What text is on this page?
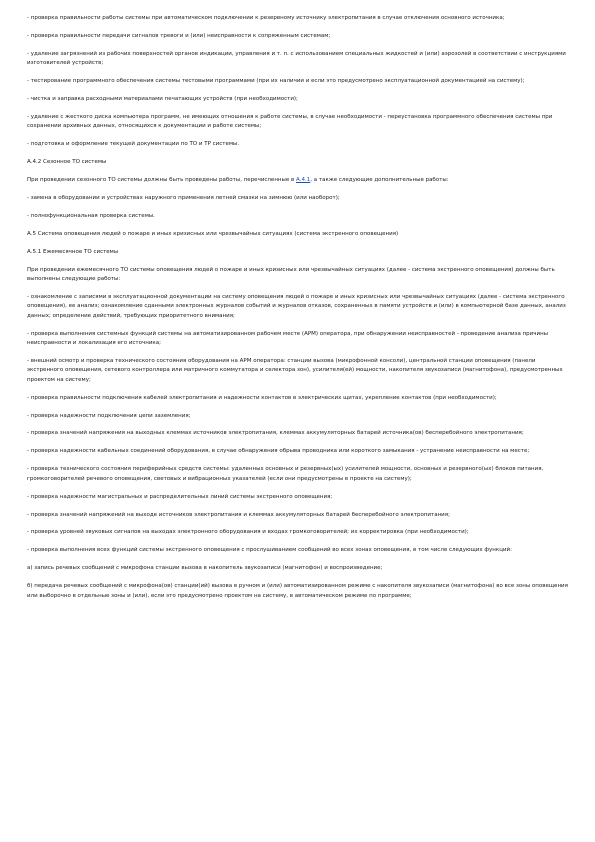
- проверка правильности работы системы при автоматическом подключении к резервному источнику электропитания в случае отключения основного источника;

- проверка правильности передачи сигналов тревоги и (или) неисправности к сопряженным системам;

- удаление загрязнений из рабочих поверхностей органов индикации, управления и т. п. с использованием специальных жидкостей и (или) аэрозолей в соответствии с инструкциями изготовителей устройств;

- тестирование программного обеспечения системы тестовыми программами (при их наличии и если это предусмотрено эксплуатационной документацией на систему);

- чистка и заправка расходными материалами печатающих устройств (при необходимости);

- удаление с жесткого диска компьютера программ, не имеющих отношения к работе системы, в случае необходимости - переустановка программного обеспечения системы при сохранении архивных данных, относящихся к документации и работе системы;

- подготовка и оформление текущей документации по ТО и ТР системы.

А.4.2 Сезонное ТО системы

При проведении сезонного ТО системы должны быть проведены работы, перечисленные в А.4.1, а также следующие дополнительные работы:

- замена в оборудовании и устройствах наружного применения летней смазки на зимнюю (или наоборот);

- полнофункциональная проверка системы.

А.5 Система оповещения людей о пожаре и иных кризисных или чрезвычайных ситуациях (система экстренного оповещения)

А.5.1 Ежемесячное ТО системы

При проведении ежемесячного ТО системы оповещения людей о пожаре и иных кризисных или чрезвычайных ситуациях (далее - система экстренного оповещения) должны быть выполнены следующие работы:

- ознакомление с записями в эксплуатационной документации на систему оповещения людей о пожаре и иных кризисных или чрезвычайных ситуациях (далее - система экстренного оповещения), ее анализ; ознакомление сданными электронных журналов событий и журналов отказов, сохраненных в памяти устройств и (или) в компьютерной базе данных, анализ данных; определение действий, требующих приоритетного внимания;

- проверка выполнения системных функций системы на автоматизированном рабочем месте (АРМ) оператора, при обнаружении неисправностей - проведение анализа причины неисправности и локализация его источника;

- внешний осмотр и проверка технического состояния оборудования на АРМ оператора: станции вызова (микрофонной консоли), центральной станции оповещения (панели экстренного оповещения, сетевого контроллера или матричного коммутатора и селектора зон), усилителя(ей) мощности, накопителя звукозаписи (магнитофона), предусмотренных проектом на систему;

- проверка правильности подключения кабелей электропитания и надежности контактов в электрических щитах, укрепление контактов (при необходимости);

- проверка надежности подключения цепи заземления;

- проверка значений напряжения на выходных клеммах источников электропитания, клеммах аккумуляторных батарей источника(ов) бесперебойного электропитания;

- проверка надежности кабельных соединений оборудования, в случае обнаружения обрыва проводника или короткого замыкания - устранение неисправности на месте;

- проверка технического состояния периферийных средств системы: удаленных основных и резервных(ых) усилителей мощности, основных и резервного(ых) блоков питания, громкоговорителей речевого оповещения, световых и вибрационных указателей (если они предусмотрены в проекте на систему);

- проверка надежности магистральных и распределительных линий системы экстренного оповещения;

- проверка значений напряжений на выходе источников электропитания и клеммах аккумуляторных батарей бесперебойного электропитания;

- проверка уровней звуковых сигналов на выходах электронного оборудования и входах громкоговорителей; их корректировка (при необходимости);

- проверка выполнения всех функций системы экстренного оповещения с прослушиванием сообщений во всех зонах оповещения, в том числе следующих функций:

а) запись речевых сообщений с микрофона станции вызова в накопитель звукозаписи (магнитофон) и воспроизведение;

б) передача речевых сообщений с микрофона(ов) станции(ий) вызова в ручном и (или) автоматизированном режиме с накопителя звукозаписи (магнитофона) во все зоны оповещения или выборочно в отдельные зоны и (или), если это предусмотрено проектом на систему, в автоматическом режиме по программе;
